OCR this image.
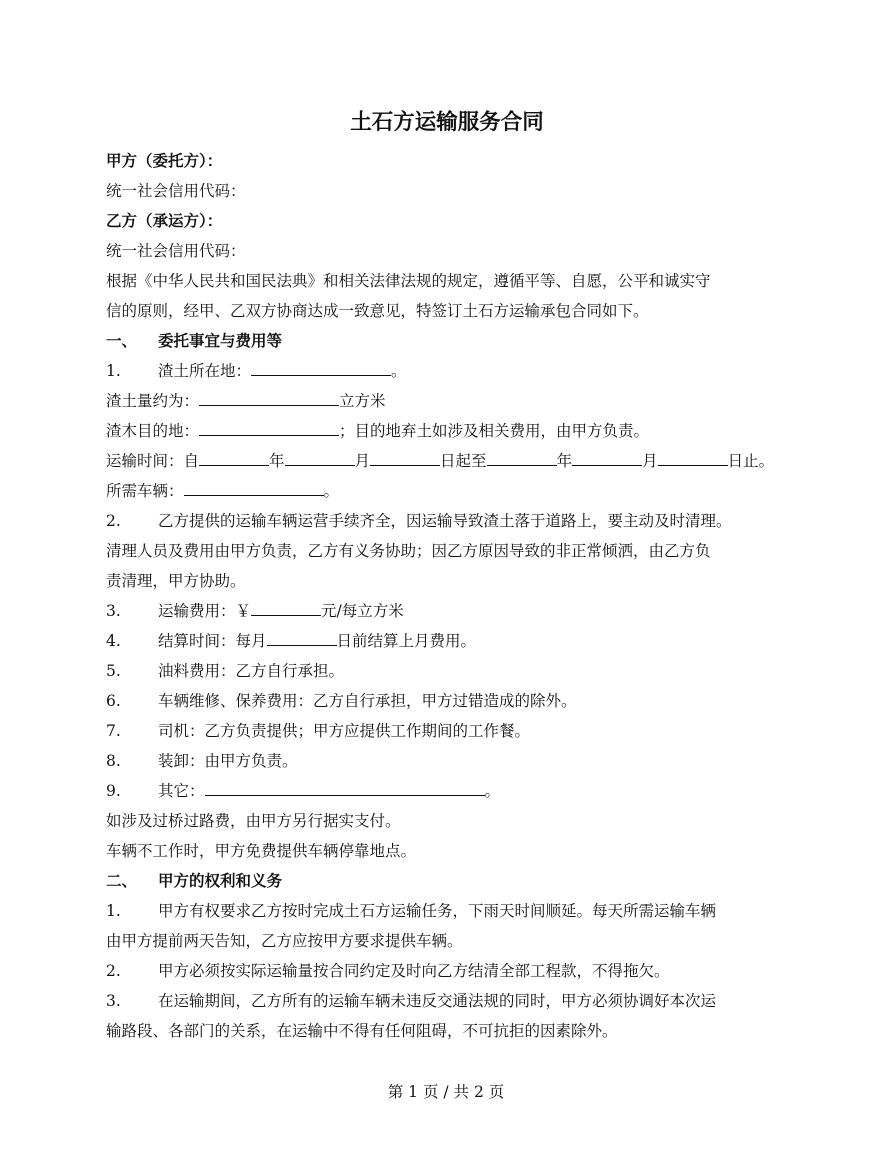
土石方运输服务合同
甲方（委托方）：
统一社会信用代码：
乙方（承运方）：
统一社会信用代码：
根据《中华人民共和国民法典》和相关法律法规的规定，遵循平等、自愿，公平和诚实守
信的原则，经甲、乙双方协商达成一致意见，特签订土石方运输承包合同如下。
一、 委托事宜与费用等
1. 渣土所在地：	。
渣土量约为：	立方米
渣木目的地：	；目的地弃土如涉及相关费用，由甲方负责。
运输时间：自	年	月	日起至	年	月	日止。
所需车辆：	。
2. 乙方提供的运输车辆运营手续齐全，因运输导致渣土落于道路上，要主动及时清理。
清理人员及费用由甲方负责，乙方有义务协助；因乙方原因导致的非正常倾洒，由乙方负
责清理，甲方协助。
3. 运输费用：￥	元/每立方米
4. 结算时间：每月	日前结算上月费用。
5. 油料费用：乙方自行承担。
6. 车辆维修、保养费用：乙方自行承担，甲方过错造成的除外。
7. 司机：乙方负责提供；甲方应提供工作期间的工作餐。
8. 装卸：由甲方负责。
9. 其它：	。
如涉及过桥过路费，由甲方另行据实支付。
车辆不工作时，甲方免费提供车辆停靠地点。
二、 甲方的权利和义务
1. 甲方有权要求乙方按时完成土石方运输任务，下雨天时间顺延。每天所需运输车辆
由甲方提前两天告知，乙方应按甲方要求提供车辆。
2. 甲方必须按实际运输量按合同约定及时向乙方结清全部工程款，不得拖欠。
3. 在运输期间，乙方所有的运输车辆未违反交通法规的同时，甲方必须协调好本次运
输路段、各部门的关系，在运输中不得有任何阻碍，不可抗拒的因素除外。
第 1 页 / 共 2 页
